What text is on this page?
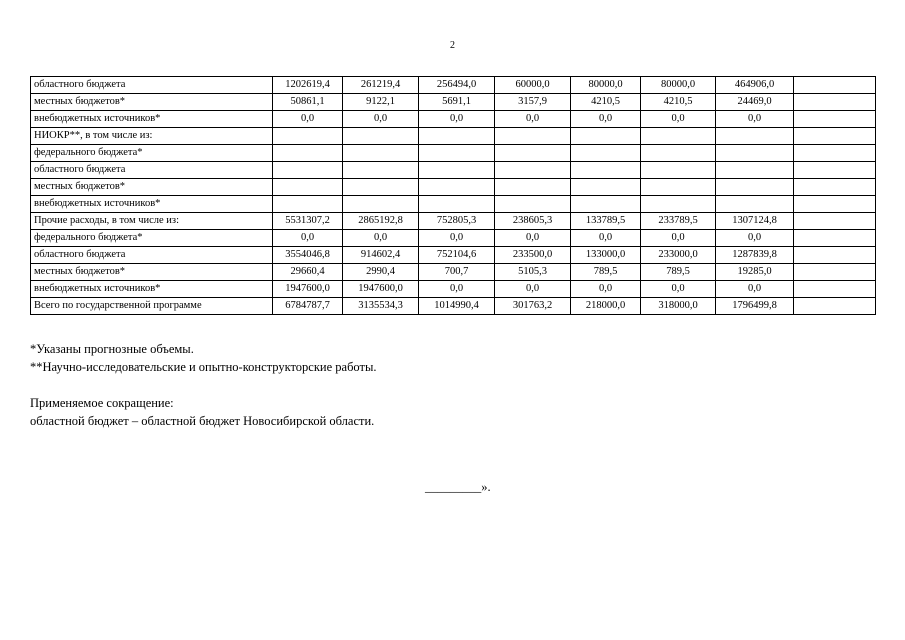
2
областного бюджета	1202619,4	261219,4	256494,0	60000,0	80000,0	80000,0	464906,0	
местных бюджетов*	50861,1	9122,1	5691,1	3157,9	4210,5	4210,5	24469,0	
внебюджетных источников*	0,0	0,0	0,0	0,0	0,0	0,0	0,0	
НИОКР**, в том числе из:								
федерального бюджета*								
областного бюджета								
местных бюджетов*								
внебюджетных источников*								
Прочие расходы, в том числе из:	5531307,2	2865192,8	752805,3	238605,3	133789,5	233789,5	1307124,8	
федерального бюджета*	0,0	0,0	0,0	0,0	0,0	0,0	0,0	
областного бюджета	3554046,8	914602,4	752104,6	233500,0	133000,0	233000,0	1287839,8	
местных бюджетов*	29660,4	2990,4	700,7	5105,3	789,5	789,5	19285,0	
внебюджетных источников*	1947600,0	1947600,0	0,0	0,0	0,0	0,0	0,0	
Всего по государственной программе	6784787,7	3135534,3	1014990,4	301763,2	218000,0	318000,0	1796499,8	

*Указаны прогнозные объемы.

**Научно-исследовательские и опытно-конструкторские работы.

Применяемое сокращение:

областной бюджет – областной бюджет Новосибирской области.

_________».
